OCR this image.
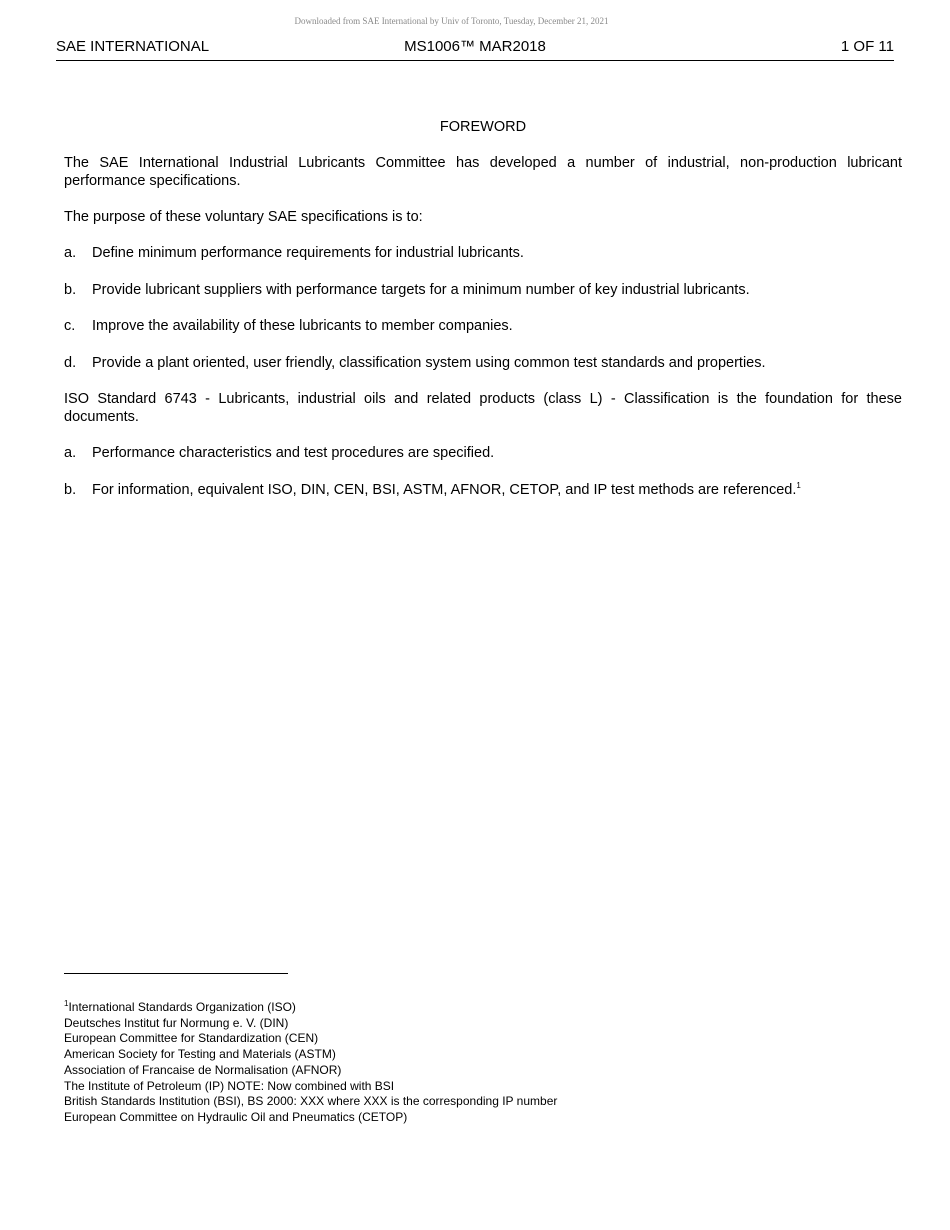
Downloaded from SAE International by Univ of Toronto, Tuesday, December 21, 2021
SAE INTERNATIONAL	MS1006™ MAR2018	1 OF 11
FOREWORD

The SAE International Industrial Lubricants Committee has developed a number of industrial, non-production lubricant performance specifications.

The purpose of these voluntary SAE specifications is to:

a. Define minimum performance requirements for industrial lubricants.
b. Provide lubricant suppliers with performance targets for a minimum number of key industrial lubricants.
c. Improve the availability of these lubricants to member companies.
d. Provide a plant oriented, user friendly, classification system using common test standards and properties.

ISO Standard 6743 - Lubricants, industrial oils and related products (class L) - Classification is the foundation for these documents.

a. Performance characteristics and test procedures are specified.
b. For information, equivalent ISO, DIN, CEN, BSI, ASTM, AFNOR, CETOP, and IP test methods are referenced.$^1$
$^1$International Standards Organization (ISO)
Deutsches Institut fur Normung e. V. (DIN)
European Committee for Standardization (CEN)
American Society for Testing and Materials (ASTM)
Association of Francaise de Normalisation (AFNOR)
The Institute of Petroleum (IP) NOTE: Now combined with BSI
British Standards Institution (BSI), BS 2000: XXX where XXX is the corresponding IP number
European Committee on Hydraulic Oil and Pneumatics (CETOP)
